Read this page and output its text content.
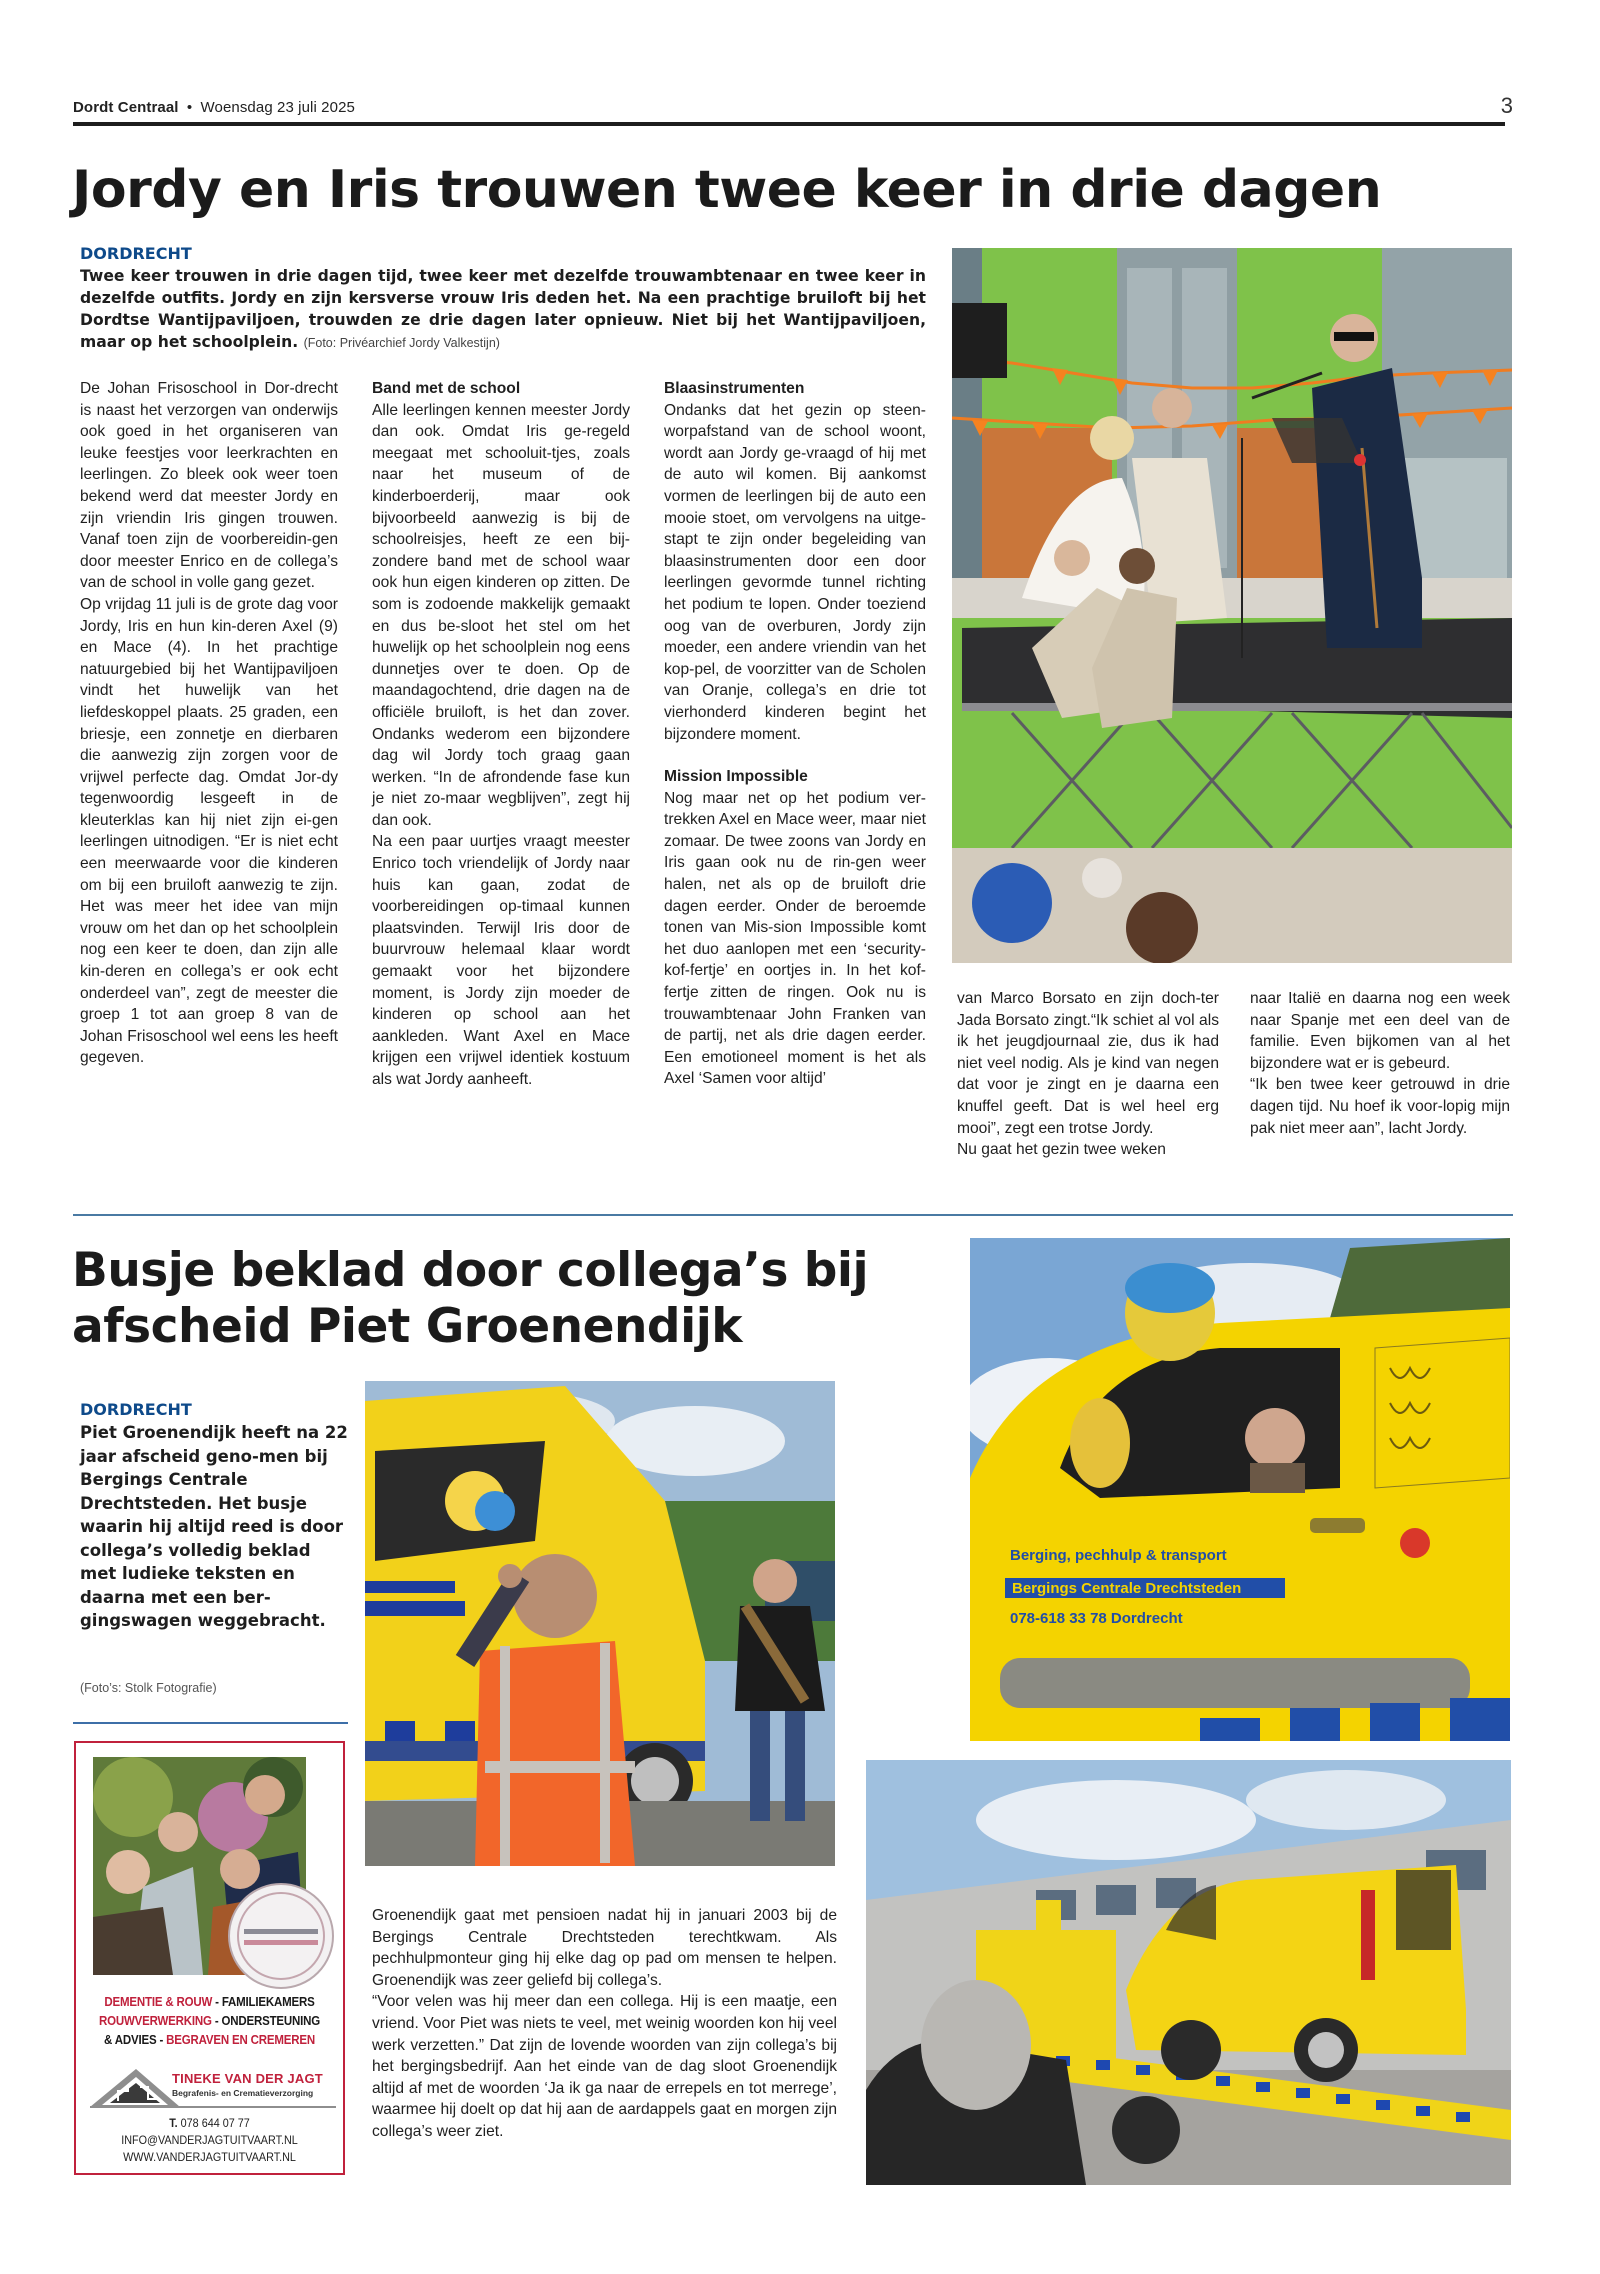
Dordt Centraal • Woensdag 23 juli 2025	3
Jordy en Iris trouwen twee keer in drie dagen
DORDRECHT
Twee keer trouwen in drie dagen tijd, twee keer met dezelfde trouwambtenaar en twee keer in dezelfde outfits. Jordy en zijn kersverse vrouw Iris deden het. Na een prachtige bruiloft bij het Dordtse Wantijpaviljoen, trouwden ze drie dagen later opnieuw. Niet bij het Wantijpaviljoen, maar op het schoolplein. (Foto: Privéarchief Jordy Valkestijn)

De Johan Frisoschool in Dor-drecht is naast het verzorgen van onderwijs ook goed in het organiseren van leuke feestjes voor leerkrachten en leerlingen. Zo bleek ook weer toen bekend werd dat meester Jordy en zijn vriendin Iris gingen trouwen. Vanaf toen zijn de voorbereidin-gen door meester Enrico en de collega’s van de school in volle gang gezet.

Op vrijdag 11 juli is de grote dag voor Jordy, Iris en hun kin-deren Axel (9) en Mace (4). In het prachtige natuurgebied bij het Wantijpaviljoen vindt het huwelijk van het liefdeskoppel plaats. 25 graden, een briesje, een zonnetje en dierbaren die aanwezig zijn zorgen voor de vrijwel perfecte dag. Omdat Jor-dy tegenwoordig lesgeeft in de kleuterklas kan hij niet zijn ei-gen leerlingen uitnodigen. “Er is niet echt een meerwaarde voor die kinderen om bij een bruiloft aanwezig te zijn. Het was meer het idee van mijn vrouw om het dan op het schoolplein nog een keer te doen, dan zijn alle kin-deren en collega’s er ook echt onderdeel van”, zegt de meester die groep 1 tot aan groep 8 van de Johan Frisoschool wel eens les heeft gegeven.

Band met de school

Alle leerlingen kennen meester Jordy dan ook. Omdat Iris ge-regeld meegaat met schooluit-tjes, zoals naar het museum of de kinderboerderij, maar ook bijvoorbeeld aanwezig is bij de schoolreisjes, heeft ze een bij-zondere band met de school waar ook hun eigen kinderen op zitten. De som is zodoende makkelijk gemaakt en dus be-sloot het stel om het huwelijk op het schoolplein nog eens dunnetjes over te doen. Op de maandagochtend, drie dagen na de officiële bruiloft, is het dan zover. Ondanks wederom een bijzondere dag wil Jordy toch graag gaan werken. “In de afrondende fase kun je niet zo-maar wegblijven”, zegt hij dan ook.

Na een paar uurtjes vraagt meester Enrico toch vriendelijk of Jordy naar huis kan gaan, zodat de voorbereidingen op-timaal kunnen plaatsvinden. Terwijl Iris door de buurvrouw helemaal klaar wordt gemaakt voor het bijzondere moment, is Jordy zijn moeder de kinderen op school aan het aankleden. Want Axel en Mace krijgen een vrijwel identiek kostuum als wat Jordy aanheeft.

Blaasinstrumenten

Ondanks dat het gezin op steen-worpafstand van de school woont, wordt aan Jordy ge-vraagd of hij met de auto wil komen. Bij aankomst vormen de leerlingen bij de auto een mooie stoet, om vervolgens na uitge-stapt te zijn onder begeleiding van blaasinstrumenten door een door leerlingen gevormde tunnel richting het podium te lopen. Onder toeziend oog van de overburen, Jordy zijn moeder, een andere vriendin van het kop-pel, de voorzitter van de Scholen van Oranje, collega’s en drie tot vierhonderd kinderen begint het bijzondere moment.

Mission Impossible

Nog maar net op het podium ver-trekken Axel en Mace weer, maar niet zomaar. De twee zoons van Jordy en Iris gaan ook nu de rin-gen weer halen, net als op de bruiloft drie dagen eerder. Onder de beroemde tonen van Mis-sion Impossible komt het duo aanlopen met een ‘security-kof-fertje’ en oortjes in. In het kof-fertje zitten de ringen. Ook nu is trouwambtenaar John Franken van de partij, net als drie dagen eerder. Een emotioneel moment is het als Axel ‘Samen voor altijd’

van Marco Borsato en zijn doch-ter Jada Borsato zingt.“Ik schiet al vol als ik het jeugdjournaal zie, dus ik had niet veel nodig. Als je kind van negen dat voor je zingt en je daarna een knuffel geeft. Dat is wel heel erg mooi”, zegt een trotse Jordy.

Nu gaat het gezin twee weken

naar Italië en daarna nog een week naar Spanje met een deel van de familie. Even bijkomen van al het bijzondere wat er is gebeurd.

“Ik ben twee keer getrouwd in drie dagen tijd. Nu hoef ik voor-lopig mijn pak niet meer aan”, lacht Jordy.

Busje beklad door collega’s bij afscheid Piet Groenendijk
DORDRECHT
Piet Groenendijk heeft na 22 jaar afscheid geno-men bij Bergings Centrale Drechtsteden. Het busje waarin hij altijd reed is door collega’s volledig beklad met ludieke teksten en daarna met een ber-gingswagen weggebracht.
(Foto’s: Stolk Fotografie)
Berging, pechhulp & transport
Bergings Centrale Drechtsteden
078-618 33 78 Dordrecht

Groenendijk gaat met pensioen nadat hij in januari 2003 bij de Bergings Centrale Drechtsteden terechtkwam. Als pechhulpmonteur ging hij elke dag op pad om mensen te helpen. Groenendijk was zeer geliefd bij collega’s.

“Voor velen was hij meer dan een collega. Hij is een maatje, een vriend. Voor Piet was niets te veel, met weinig woorden kon hij veel werk verzetten.” Dat zijn de lovende woorden van zijn collega’s bij het bergingsbedrijf. Aan het einde van de dag sloot Groenendijk altijd af met de woorden ‘Ja ik ga naar de errepels en tot merrege’, waarmee hij doelt op dat hij aan de aardappels gaat en morgen zijn collega’s weer ziet.

DEMENTIE & ROUW - FAMILIEKAMERS
ROUWVERWERKING - ONDERSTEUNING
& ADVIES - BEGRAVEN EN CREMEREN
TINEKE VAN DER JAGT
Begrafenis- en Crematieverzorging
T. 078 644 07 77
INFO@VANDERJAGTUITVAART.NL
WWW.VANDERJAGTUITVAART.NL
